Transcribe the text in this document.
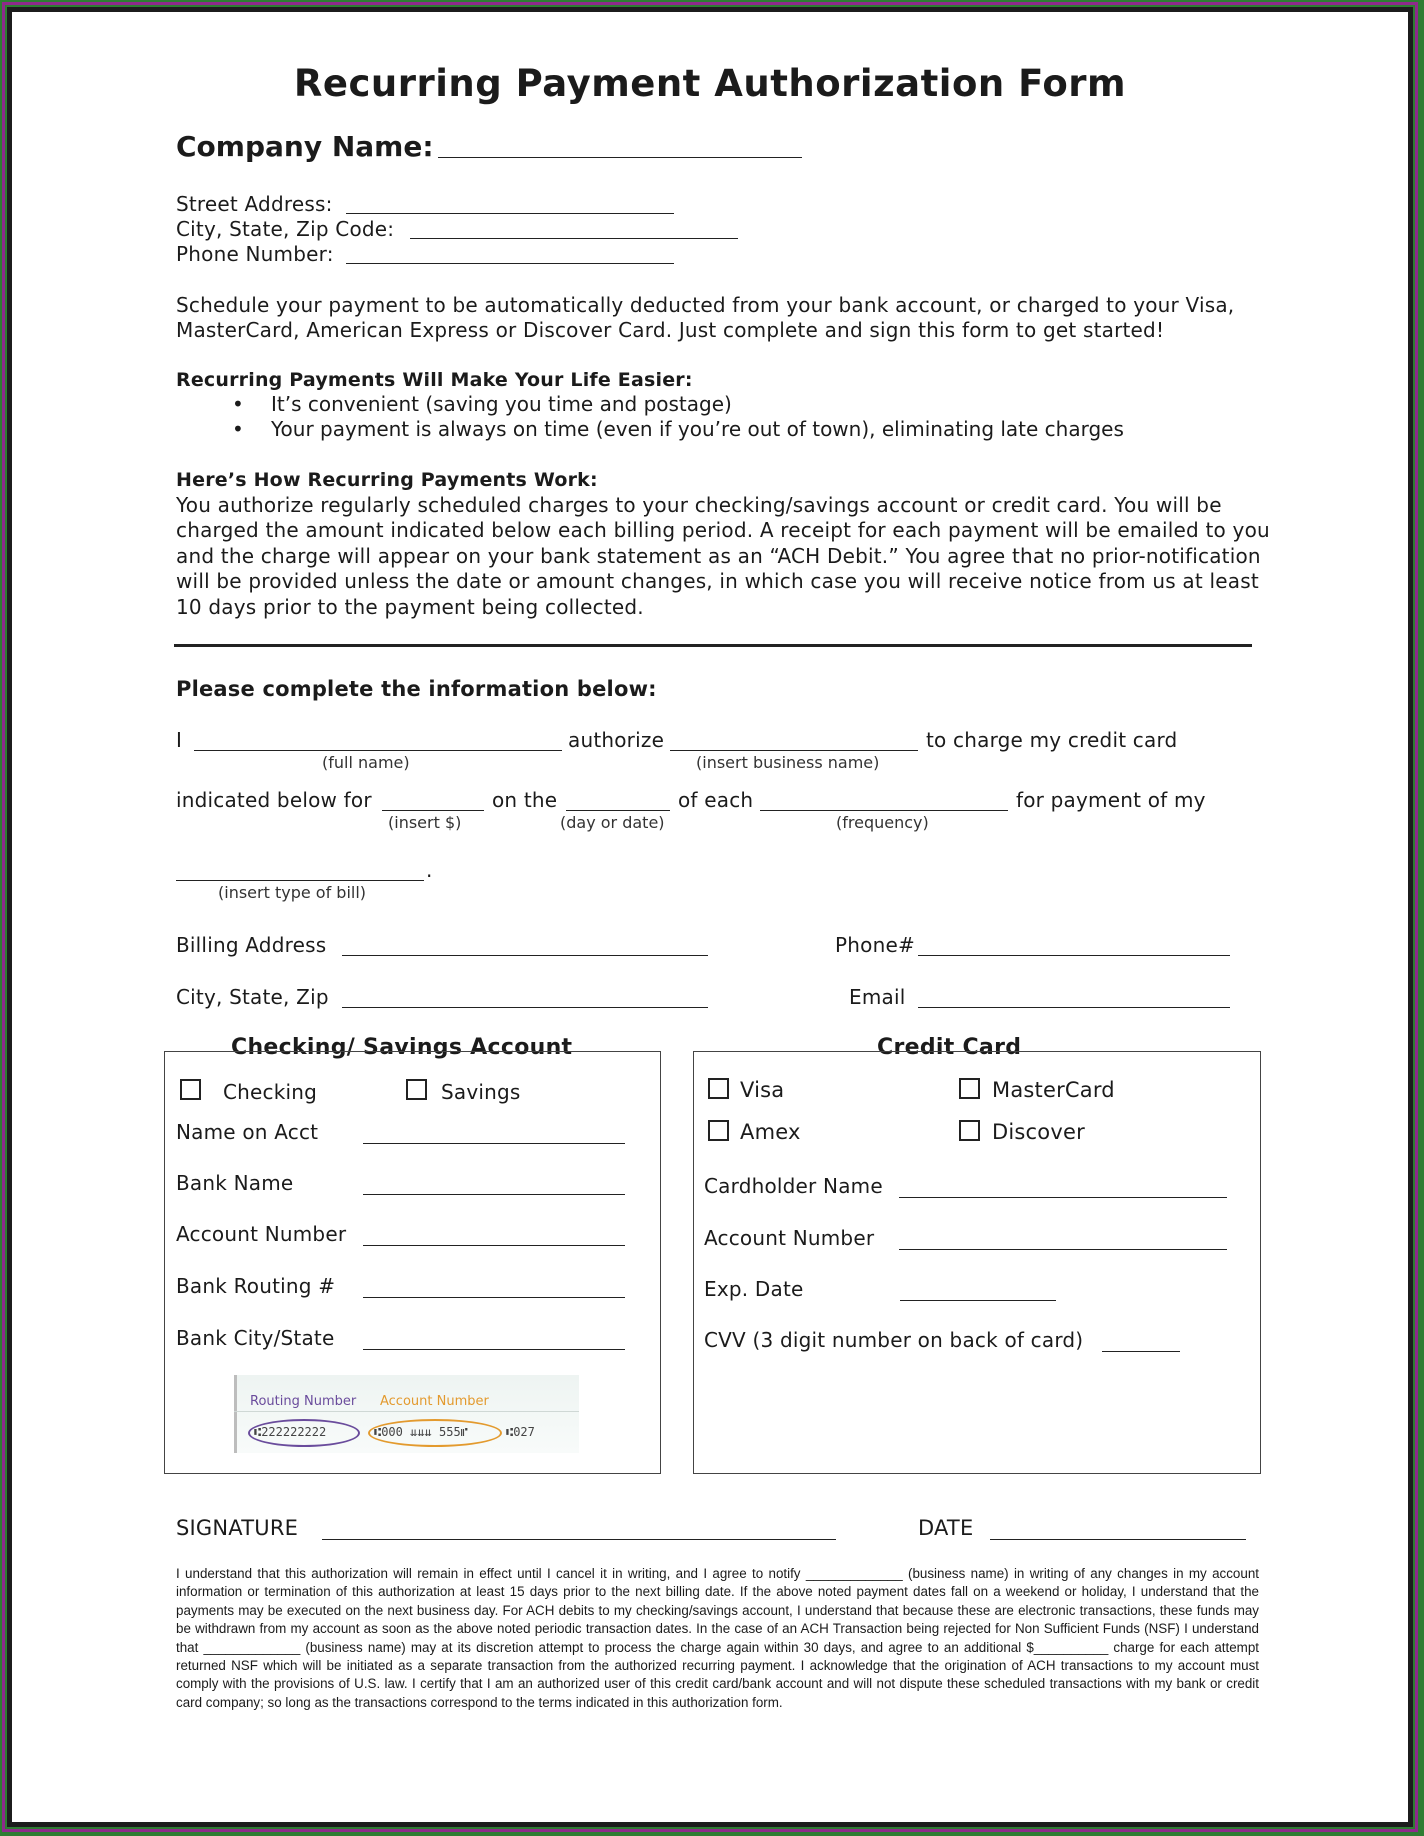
Recurring Payment Authorization Form
Company Name:
Street Address:
City, State, Zip Code:
Phone Number:
Schedule your payment to be automatically deducted from your bank account, or charged to your Visa, MasterCard, American Express or Discover Card. Just complete and sign this form to get started!
Recurring Payments Will Make Your Life Easier:
• It’s convenient (saving you time and postage)
• Your payment is always on time (even if you’re out of town), eliminating late charges
Here’s How Recurring Payments Work:
You authorize regularly scheduled charges to your checking/savings account or credit card. You will be charged the amount indicated below each billing period. A receipt for each payment will be emailed to you and the charge will appear on your bank statement as an “ACH Debit.” You agree that no prior-notification will be provided unless the date or amount changes, in which case you will receive notice from us at least 10 days prior to the payment being collected.
Please complete the information below:
I
(full name)
authorize
(insert business name)
to charge my credit card
indicated below for
(insert $)
on the
(day or date)
of each
(frequency)
for payment of my
.
(insert type of bill)
Billing Address	Phone#
City, State, Zip	Email
Checking/ Savings Account	Credit Card
Checking	Savings
Name on Acct
Bank Name
Account Number
Bank Routing #
Bank City/State
Routing Number Account Number
⑆222222222	⑆000 ⇊⇊⇊ 555⑈	⑆027
Visa	MasterCard
Amex	Discover
Cardholder Name
Account Number
Exp. Date
CVV (3 digit number on back of card)
SIGNATURE	DATE
I understand that this authorization will remain in effect until I cancel it in writing, and I agree to notify _____________ (business name) in writing of any changes in my account information or termination of this authorization at least 15 days prior to the next billing date. If the above noted payment dates fall on a weekend or holiday, I understand that the payments may be executed on the next business day. For ACH debits to my checking/savings account, I understand that because these are electronic transactions, these funds may be withdrawn from my account as soon as the above noted periodic transaction dates. In the case of an ACH Transaction being rejected for Non Sufficient Funds (NSF) I understand that _____________ (business name) may at its discretion attempt to process the charge again within 30 days, and agree to an additional $__________ charge for each attempt returned NSF which will be initiated as a separate transaction from the authorized recurring payment. I acknowledge that the origination of ACH transactions to my account must comply with the provisions of U.S. law. I certify that I am an authorized user of this credit card/bank account and will not dispute these scheduled transactions with my bank or credit card company; so long as the transactions correspond to the terms indicated in this authorization form.
